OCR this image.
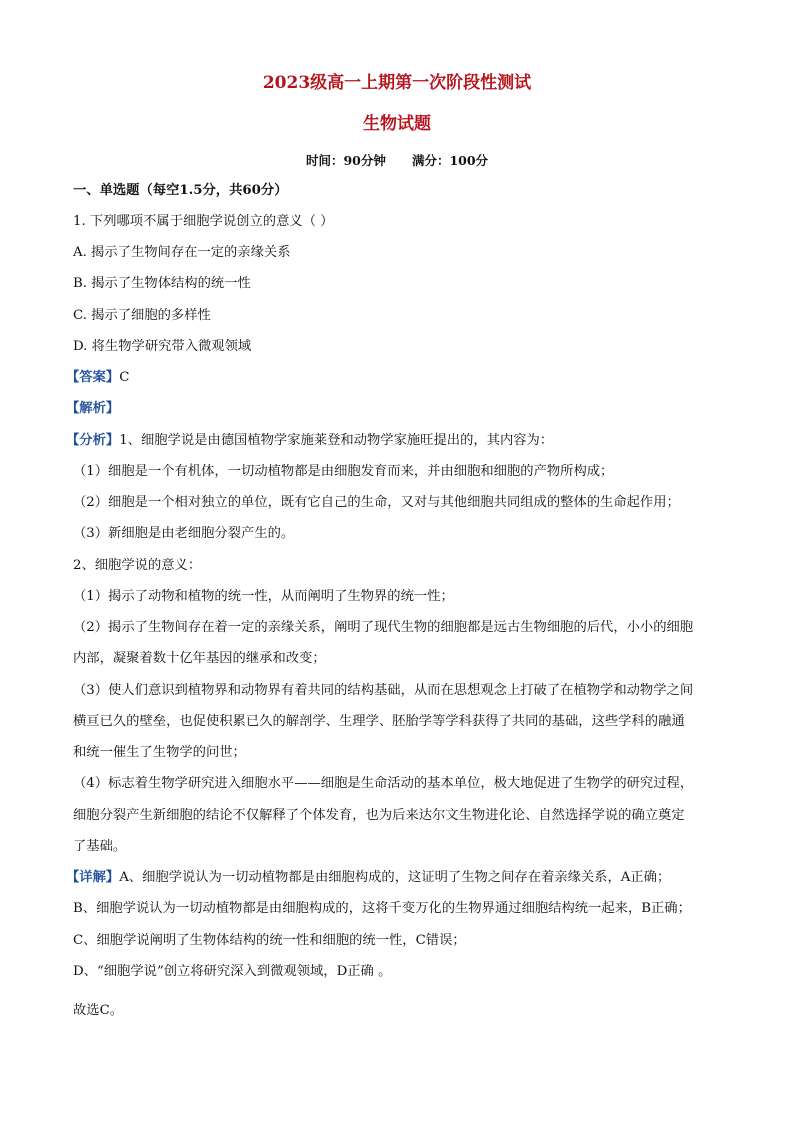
2023级高一上期第一次阶段性测试
生物试题
时间：90分钟 满分：100分
一、单选题（每空1.5分，共60分）
1. 下列哪项不属于细胞学说创立的意义（ ）
A. 揭示了生物间存在一定的亲缘关系
B. 揭示了生物体结构的统一性
C. 揭示了细胞的多样性
D. 将生物学研究带入微观领域
【答案】C
【解析】
【分析】1、细胞学说是由德国植物学家施莱登和动物学家施旺提出的，其内容为：
（1）细胞是一个有机体，一切动植物都是由细胞发育而来，并由细胞和细胞的产物所构成；
（2）细胞是一个相对独立的单位，既有它自己的生命，又对与其他细胞共同组成的整体的生命起作用；
（3）新细胞是由老细胞分裂产生的。
2、细胞学说的意义：
（1）揭示了动物和植物的统一性，从而阐明了生物界的统一性；
（2）揭示了生物间存在着一定的亲缘关系，阐明了现代生物的细胞都是远古生物细胞的后代，小小的细胞
内部，凝聚着数十亿年基因的继承和改变；
（3）使人们意识到植物界和动物界有着共同的结构基础，从而在思想观念上打破了在植物学和动物学之间
横亘已久的壁垒，也促使积累已久的解剖学、生理学、胚胎学等学科获得了共同的基础，这些学科的融通
和统一催生了生物学的问世；
（4）标志着生物学研究进入细胞水平——细胞是生命活动的基本单位，极大地促进了生物学的研究过程，
细胞分裂产生新细胞的结论不仅解释了个体发育，也为后来达尔文生物进化论、自然选择学说的确立奠定
了基础。
【详解】A、细胞学说认为一切动植物都是由细胞构成的，这证明了生物之间存在着亲缘关系，A正确；
B、细胞学说认为一切动植物都是由细胞构成的，这将千变万化的生物界通过细胞结构统一起来，B正确；
C、细胞学说阐明了生物体结构的统一性和细胞的统一性，C错误；
D、“细胞学说”创立将研究深入到微观领域，D正确 。
故选C。
